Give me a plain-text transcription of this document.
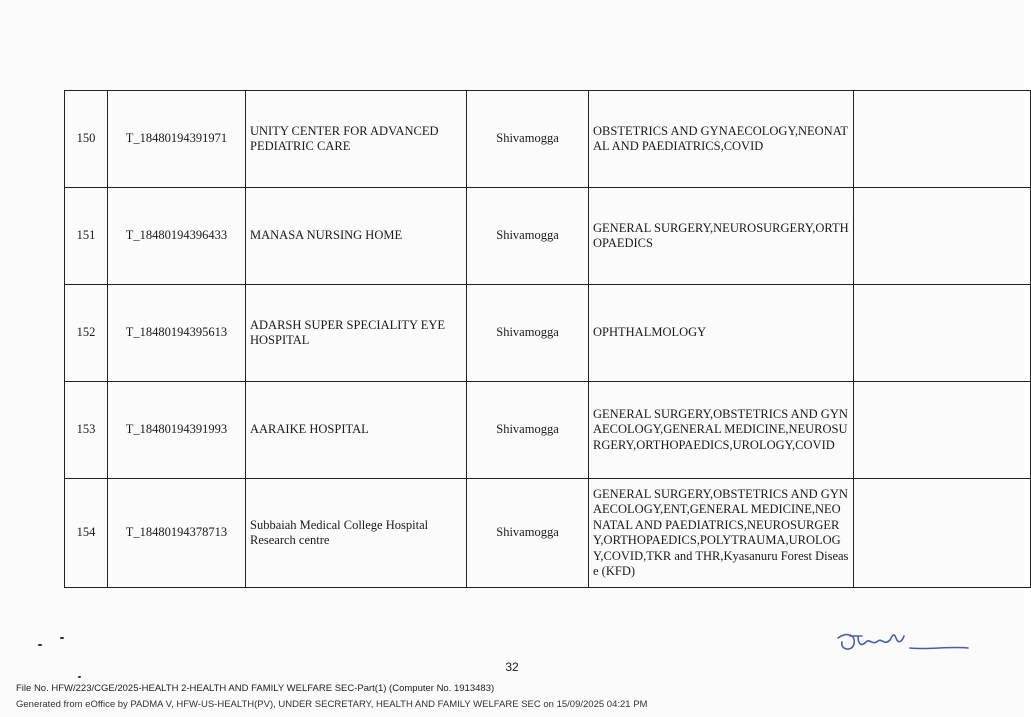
150	T_18480194391971	UNITY CENTER FOR ADVANCED PEDIATRIC CARE	Shivamogga	OBSTETRICS AND GYNAECOLOGY,NEONATAL AND PAEDIATRICS,COVID	
151	T_18480194396433	MANASA NURSING HOME	Shivamogga	GENERAL SURGERY,NEUROSURGERY,ORTHOPAEDICS	
152	T_18480194395613	ADARSH SUPER SPECIALITY EYE HOSPITAL	Shivamogga	OPHTHALMOLOGY	
153	T_18480194391993	AARAIKE HOSPITAL	Shivamogga	GENERAL SURGERY,OBSTETRICS AND GYNAECOLOGY,GENERAL MEDICINE,NEUROSURGERY,ORTHOPAEDICS,UROLOGY,COVID	
154	T_18480194378713	Subbaiah Medical College Hospital Research centre	Shivamogga	GENERAL SURGERY,OBSTETRICS AND GYNAECOLOGY,ENT,GENERAL MEDICINE,NEONATAL AND PAEDIATRICS,NEUROSURGERY,ORTHOPAEDICS,POLYTRAUMA,UROLOGY,COVID,TKR and THR,Kyasanuru Forest Disease (KFD)	
32
File No. HFW/223/CGE/2025-HEALTH 2-HEALTH AND FAMILY WELFARE SEC-Part(1) (Computer No. 1913483)
